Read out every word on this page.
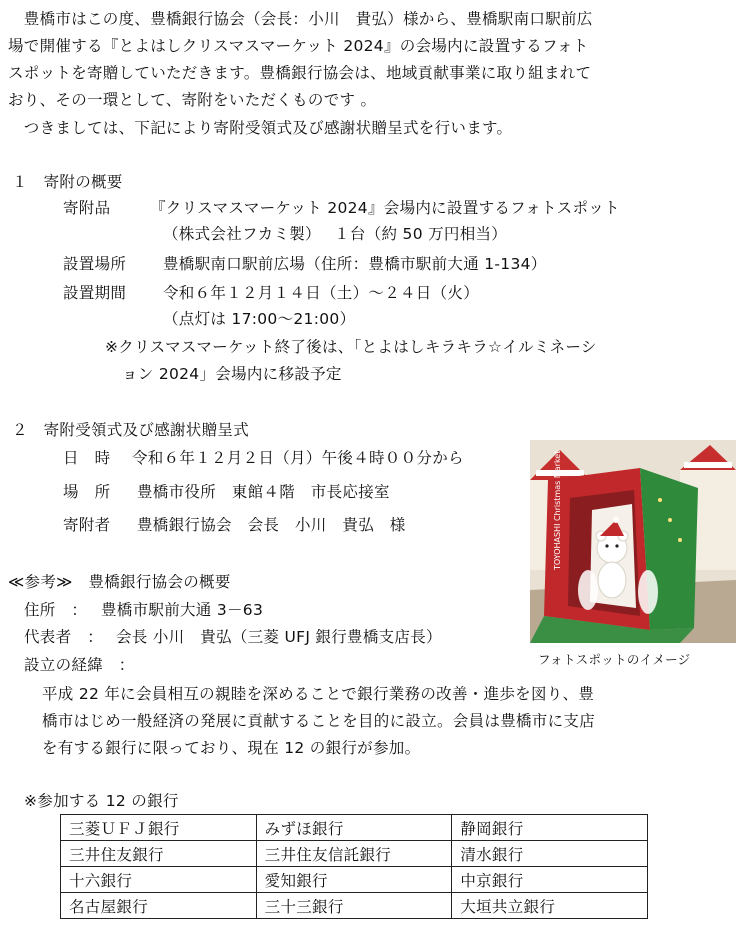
　豊橋市はこの度、豊橋銀行協会（会長：小川　貴弘）様から、豊橋駅南口駅前広
場で開催する『とよはしクリスマスマーケット 2024』の会場内に設置するフォト
スポットを寄贈していただきます。豊橋銀行協会は、地域貢献事業に取り組まれて
おり、その一環として、寄附をいただくものです 。
　つきましては、下記により寄附受領式及び感謝状贈呈式を行います。
１　寄附の概要
寄附品	『クリスマスマーケット 2024』会場内に設置するフォトスポット
（株式会社フカミ製）　 １台（約 50 万円相当）
設置場所 豊橋駅南口駅前広場（住所：豊橋市駅前大通 1-134）
設置期間 令和６年１２月１４日（土）～２４日（火）
（点灯は 17:00～21:00）
※クリスマスマーケット終了後は、「とよはしキラキラ☆イルミネーシ
ョン 2024」会場内に移設予定
２　寄附受領式及び感謝状贈呈式
日　時 令和６年１２月２日（月）午後４時００分から
場　所 豊橋市役所　東館４階　市長応接室
寄附者 豊橋銀行協会　会長　小川　貴弘　様	TOYOHASHI Christmas Market
フォトスポットのイメージ
≪参考≫　豊橋銀行協会の概要
住所　： 豊橋市駅前大通 3－63
代表者　： 会長 小川　貴弘（三菱 UFJ 銀行豊橋支店長）
設立の経緯　：
平成 22 年に会員相互の親睦を深めることで銀行業務の改善・進歩を図り、豊
橋市はじめ一般経済の発展に貢献することを目的に設立。会員は豊橋市に支店
を有する銀行に限っており、現在 12 の銀行が参加。
※参加する 12 の銀行
三菱ＵＦＪ銀行	みずほ銀行	静岡銀行
三井住友銀行	三井住友信託銀行	清水銀行
十六銀行	愛知銀行	中京銀行
名古屋銀行	三十三銀行	大垣共立銀行
